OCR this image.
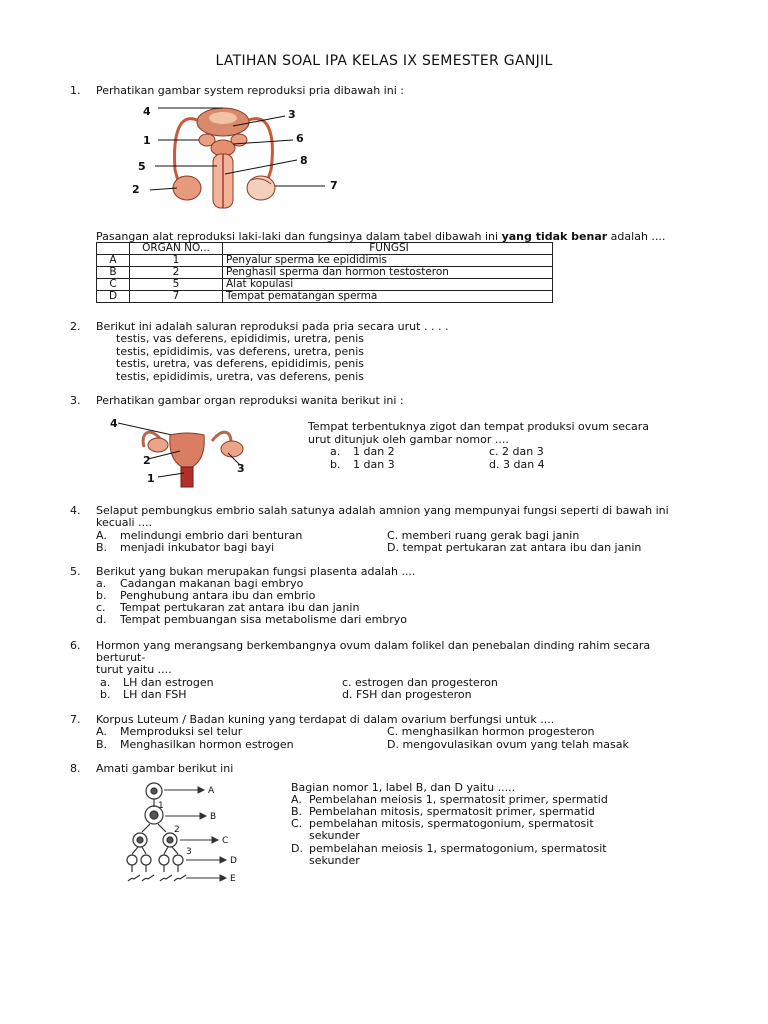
LATIHAN SOAL IPA KELAS IX SEMESTER GANJIL
1. Perhatikan gambar system reproduksi pria dibawah ini :
4	3
1	6
8
5
2	7
Pasangan alat reproduksi laki-laki dan fungsinya dalam tabel dibawah ini yang tidak benar adalah ....
	ORGAN NO...	FUNGSI
A	1	Penyalur sperma ke epididimis
B	2	Penghasil sperma dan hormon testosteron
C	5	Alat kopulasi
D	7	Tempat pematangan sperma
2. Berikut ini adalah saluran reproduksi pada pria secara urut . . . .
testis, vas deferens, epididimis, uretra, penis
testis, epididimis, vas deferens, uretra, penis
testis, uretra, vas deferens, epididimis, penis
testis, epididimis, uretra, vas deferens, penis
3. Perhatikan gambar organ reproduksi wanita berikut ini :
4
2
3
1
Tempat terbentuknya zigot dan tempat produksi ovum secara
urut ditunjuk oleh gambar nomor ....
a. 1 dan 2
b. 1 dan 3
c. 2 dan 3
d. 3 dan 4
4. Selaput pembungkus embrio salah satunya adalah amnion yang mempunyai fungsi seperti di bawah ini
kecuali ....
A. melindungi embrio dari benturan	C. memberi ruang gerak bagi janin
B. menjadi inkubator bagi bayi	D. tempat pertukaran zat antara ibu dan janin
5. Berikut yang bukan merupakan fungsi plasenta adalah ....
a. Cadangan makanan bagi embryo
b. Penghubung antara ibu dan embrio
c. Tempat pertukaran zat antara ibu dan janin
d. Tempat pembuangan sisa metabolisme dari embryo
6. Hormon yang merangsang berkembangnya ovum dalam folikel dan penebalan dinding rahim secara
berturut-
turut yaitu ....
a. LH dan estrogen	c. estrogen dan progesteron
b. LH dan FSH	d. FSH dan progesteron
7. Korpus Luteum / Badan kuning yang terdapat di dalam ovarium berfungsi untuk ....
A. Memproduksi sel telur	C. menghasilkan hormon progesteron
B. Menghasilkan hormon estrogen	D. mengovulasikan ovum yang telah masak
8. Amati gambar berikut ini
A
B
C
D
E
1
2
3
Bagian nomor 1, label B, dan D yaitu .....
A. Pembelahan meiosis 1, spermatosit primer, spermatid
B. Pembelahan mitosis, spermatosit primer, spermatid
C. pembelahan mitosis, spermatogonium, spermatosit
sekunder
D. pembelahan meiosis 1, spermatogonium, spermatosit
sekunder
